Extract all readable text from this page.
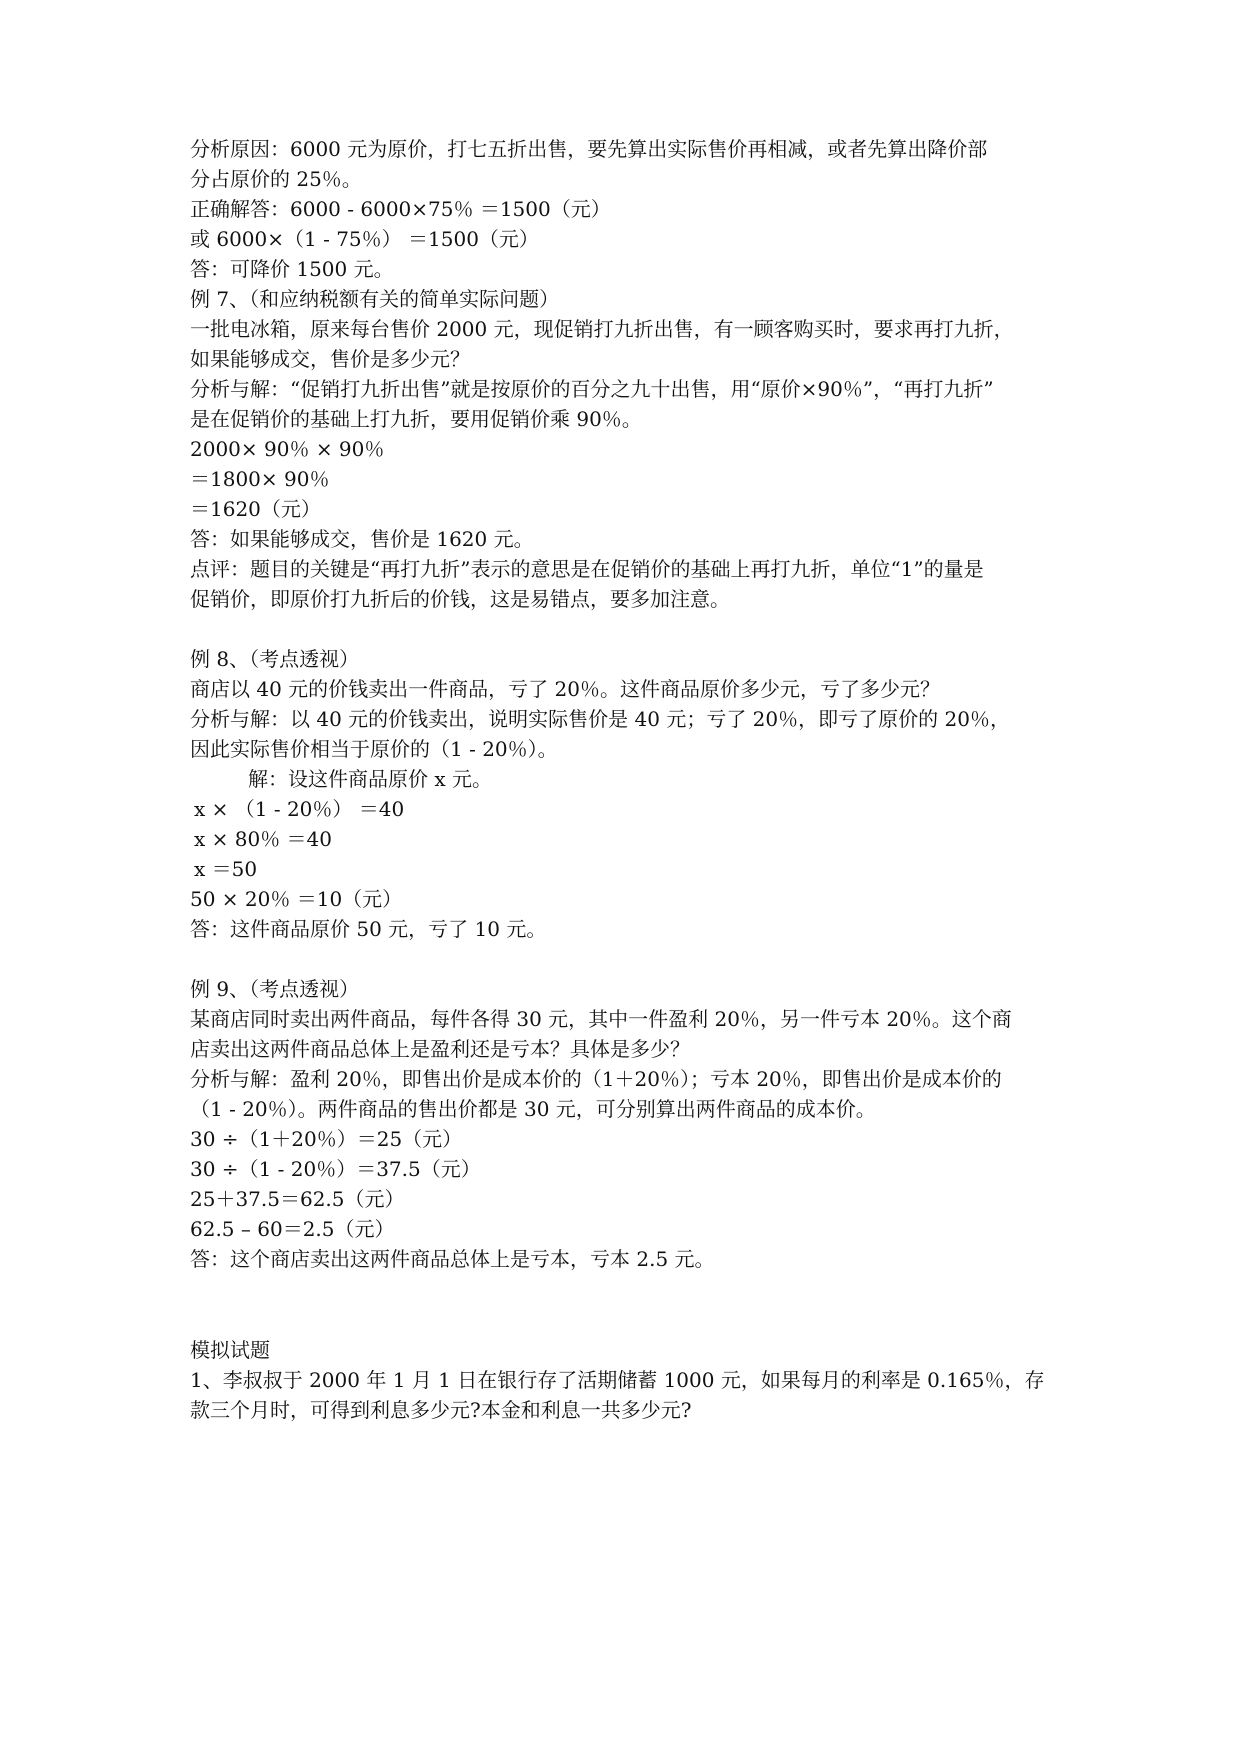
分析原因：6000 元为原价，打七五折出售，要先算出实际售价再相减，或者先算出降价部
分占原价的 25％。
正确解答：6000 - 6000×75％ ＝1500（元）
或 6000×（1 - 75％） ＝1500（元）
答：可降价 1500 元。
例 7、（和应纳税额有关的简单实际问题）
一批电冰箱，原来每台售价 2000 元，现促销打九折出售，有一顾客购买时，要求再打九折，
如果能够成交，售价是多少元？
分析与解：“促销打九折出售”就是按原价的百分之九十出售，用“原价×90％”，“再打九折”
是在促销价的基础上打九折，要用促销价乘 90％。
2000× 90％ × 90％
＝1800× 90％
＝1620（元）
答：如果能够成交，售价是 1620 元。
点评：题目的关键是“再打九折”表示的意思是在促销价的基础上再打九折，单位“1”的量是
促销价，即原价打九折后的价钱，这是易错点，要多加注意。
例 8、（考点透视）
商店以 40 元的价钱卖出一件商品，亏了 20％。这件商品原价多少元，亏了多少元？
分析与解：以 40 元的价钱卖出，说明实际售价是 40 元；亏了 20％，即亏了原价的 20％，
因此实际售价相当于原价的（1 - 20％）。
解：设这件商品原价 x 元。
x × （1 - 20％） ＝40
x × 80％ ＝40
x ＝50
50 × 20％ ＝10（元）
答：这件商品原价 50 元，亏了 10 元。
例 9、（考点透视）
某商店同时卖出两件商品，每件各得 30 元，其中一件盈利 20％，另一件亏本 20％。这个商
店卖出这两件商品总体上是盈利还是亏本？具体是多少？
分析与解：盈利 20％，即售出价是成本价的（1＋20％）；亏本 20％，即售出价是成本价的
（1 - 20％）。两件商品的售出价都是 30 元，可分别算出两件商品的成本价。
30 ÷（1＋20％）＝25（元）
30 ÷（1 - 20％）＝37.5（元）
25＋37.5＝62.5（元）
62.5 – 60＝2.5（元）
答：这个商店卖出这两件商品总体上是亏本，亏本 2.5 元。
模拟试题
1、李叔叔于 2000 年 1 月 1 日在银行存了活期储蓄 1000 元，如果每月的利率是 0.165％，存
款三个月时，可得到利息多少元?本金和利息一共多少元?
